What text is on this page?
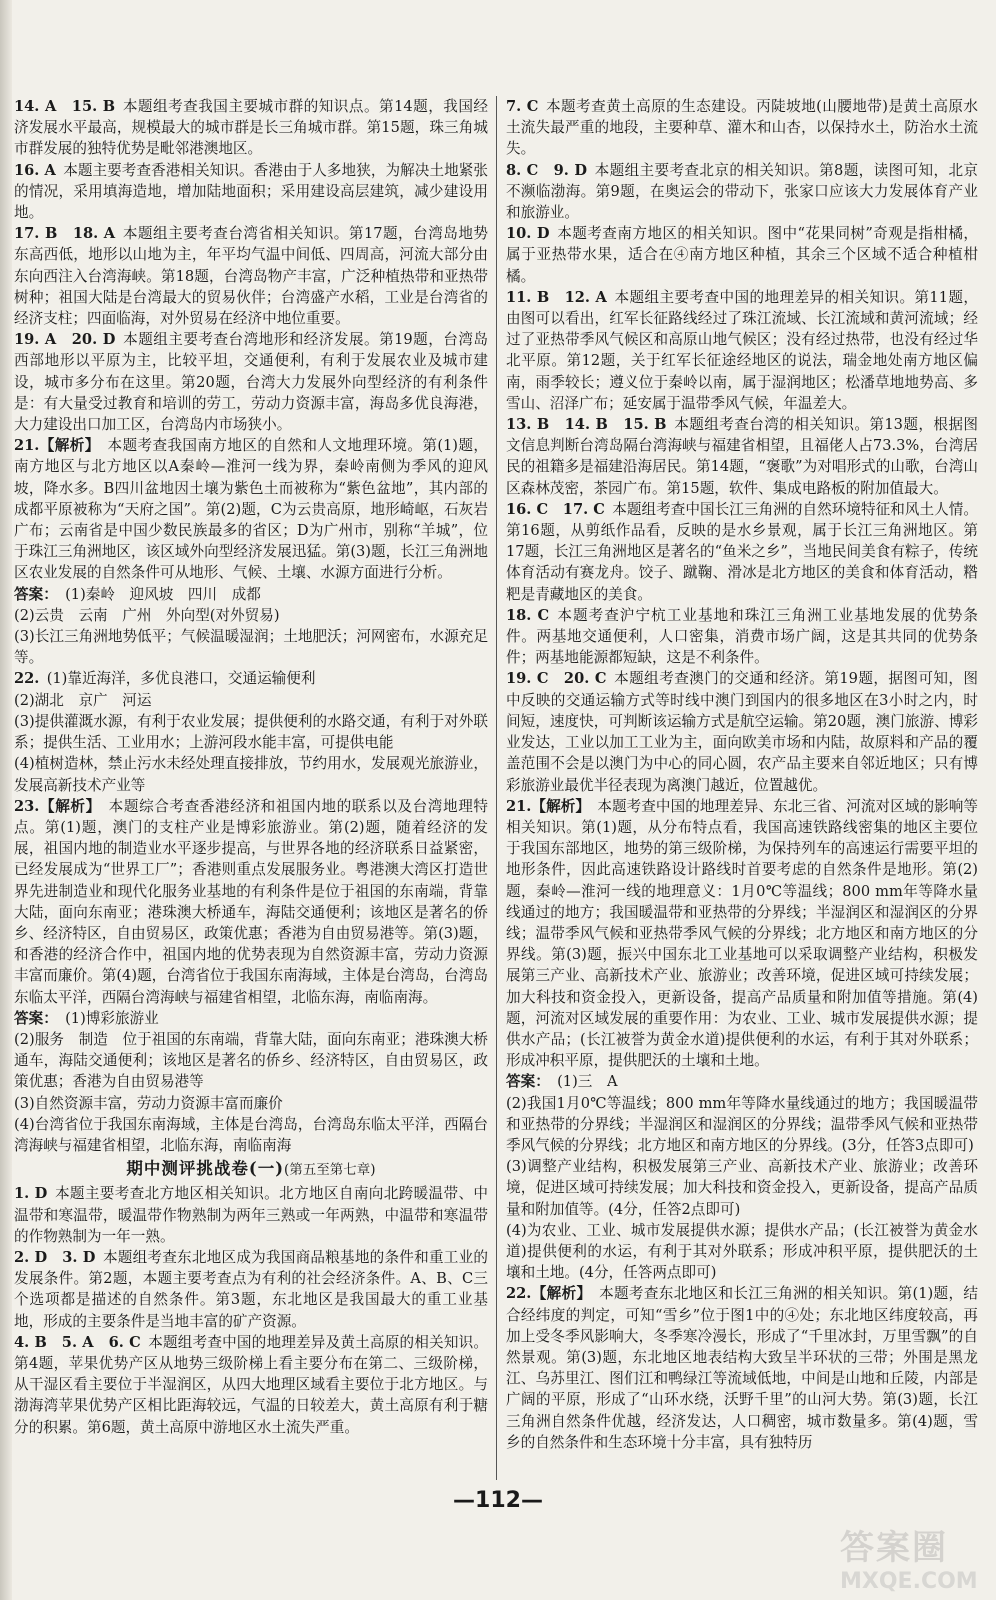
14. A　15. B  本题组考查我国主要城市群的知识点。第14题，我国经济发展水平最高，规模最大的城市群是长三角城市群。第15题，珠三角城市群发展的独特优势是毗邻港澳地区。

16. A  本题主要考查香港相关知识。香港由于人多地狭，为解决土地紧张的情况，采用填海造地，增加陆地面积；采用建设高层建筑，减少建设用地。

17. B　18. A  本题组主要考查台湾省相关知识。第17题，台湾岛地势东高西低，地形以山地为主，年平均气温中间低、四周高，河流大部分由东向西注入台湾海峡。第18题，台湾岛物产丰富，广泛种植热带和亚热带树种；祖国大陆是台湾最大的贸易伙伴；台湾盛产水稻，工业是台湾省的经济支柱；四面临海，对外贸易在经济中地位重要。

19. A　20. D  本题组主要考查台湾地形和经济发展。第19题，台湾岛西部地形以平原为主，比较平坦，交通便利，有利于发展农业及城市建设，城市多分布在这里。第20题，台湾大力发展外向型经济的有利条件是：有大量受过教育和培训的劳工，劳动力资源丰富，海岛多优良海港，大力建设出口加工区，台湾岛内市场狭小。

21.【解析】  本题考查我国南方地区的自然和人文地理环境。第(1)题，南方地区与北方地区以A秦岭—淮河一线为界，秦岭南侧为季风的迎风坡，降水多。B四川盆地因土壤为紫色土而被称为“紫色盆地”，其内部的成都平原被称为“天府之国”。第(2)题，C为云贵高原，地形崎岖，石灰岩广布；云南省是中国少数民族最多的省区；D为广州市，别称“羊城”，位于珠江三角洲地区，该区域外向型经济发展迅猛。第(3)题，长江三角洲地区农业发展的自然条件可从地形、气候、土壤、水源方面进行分析。

答案：  (1)秦岭　迎风坡　四川　成都

(2)云贵　云南　广州　外向型(对外贸易)

(3)长江三角洲地势低平；气候温暖湿润；土地肥沃；河网密布，水源充足等。

22.  (1)靠近海洋，多优良港口，交通运输便利

(2)湖北　京广　河运

(3)提供灌溉水源，有利于农业发展；提供便利的水路交通，有利于对外联系；提供生活、工业用水；上游河段水能丰富，可提供电能

(4)植树造林，禁止污水未经处理直接排放，节约用水，发展观光旅游业，发展高新技术产业等

23.【解析】  本题综合考查香港经济和祖国内地的联系以及台湾地理特点。第(1)题，澳门的支柱产业是博彩旅游业。第(2)题，随着经济的发展，祖国内地的制造业水平逐步提高，与世界各地的经济联系日益紧密，已经发展成为“世界工厂”；香港则重点发展服务业。粤港澳大湾区打造世界先进制造业和现代化服务业基地的有利条件是位于祖国的东南端，背靠大陆，面向东南亚；港珠澳大桥通车，海陆交通便利；该地区是著名的侨乡、经济特区，自由贸易区，政策优惠；香港为自由贸易港等。第(3)题，和香港的经济合作中，祖国内地的优势表现为自然资源丰富，劳动力资源丰富而廉价。第(4)题，台湾省位于我国东南海域，主体是台湾岛，台湾岛东临太平洋，西隔台湾海峡与福建省相望，北临东海，南临南海。

答案：  (1)博彩旅游业

(2)服务　制造　位于祖国的东南端，背靠大陆，面向东南亚；港珠澳大桥通车，海陆交通便利；该地区是著名的侨乡、经济特区，自由贸易区，政策优惠；香港为自由贸易港等

(3)自然资源丰富，劳动力资源丰富而廉价

(4)台湾省位于我国东南海域，主体是台湾岛，台湾岛东临太平洋，西隔台湾海峡与福建省相望，北临东海，南临南海

期中测评挑战卷(一)(第五至第七章)

1. D  本题主要考查北方地区相关知识。北方地区自南向北跨暖温带、中温带和寒温带，暖温带作物熟制为两年三熟或一年两熟，中温带和寒温带的作物熟制为一年一熟。

2. D　3. D  本题组考查东北地区成为我国商品粮基地的条件和重工业的发展条件。第2题，本题主要考查点为有利的社会经济条件。A、B、C三个选项都是描述的自然条件。第3题，东北地区是我国最大的重工业基地，形成的主要条件是当地丰富的矿产资源。

4. B　5. A　6. C  本题组考查中国的地理差异及黄土高原的相关知识。第4题，苹果优势产区从地势三级阶梯上看主要分布在第二、三级阶梯，从干湿区看主要位于半湿润区，从四大地理区域看主要位于北方地区。与渤海湾苹果优势产区相比距海较远，气温的日较差大，黄土高原有利于糖分的积累。第6题，黄土高原中游地区水土流失严重。

7. C  本题考查黄土高原的生态建设。丙陡坡地(山腰地带)是黄土高原水土流失最严重的地段，主要种草、灌木和山杏，以保持水土，防治水土流失。

8. C　9. D  本题组主要考查北京的相关知识。第8题，读图可知，北京不濒临渤海。第9题，在奥运会的带动下，张家口应该大力发展体育产业和旅游业。

10. D  本题考查南方地区的相关知识。图中“花果同树”奇观是指柑橘，属于亚热带水果，适合在④南方地区种植，其余三个区域不适合种植柑橘。

11. B　12. A  本题组主要考查中国的地理差异的相关知识。第11题，由图可以看出，红军长征路线经过了珠江流域、长江流域和黄河流域；经过了亚热带季风气候区和高原山地气候区；没有经过热带，也没有经过华北平原。第12题，关于红军长征途经地区的说法，瑞金地处南方地区偏南，雨季较长；遵义位于秦岭以南，属于湿润地区；松潘草地地势高、多雪山、沼泽广布；延安属于温带季风气候，年温差大。

13. B　14. B　15. B  本题组考查台湾的相关知识。第13题，根据图文信息判断台湾岛隔台湾海峡与福建省相望，且福佬人占73.3%，台湾居民的祖籍多是福建沿海居民。第14题，“褒歌”为对唱形式的山歌，台湾山区森林茂密，茶园广布。第15题，软件、集成电路板的附加值最大。

16. C　17. C  本题组考查中国长江三角洲的自然环境特征和风土人情。第16题，从剪纸作品看，反映的是水乡景观，属于长江三角洲地区。第17题，长江三角洲地区是著名的“鱼米之乡”，当地民间美食有粽子，传统体育活动有赛龙舟。饺子、蹴鞠、滑冰是北方地区的美食和体育活动，糌粑是青藏地区的美食。

18. C  本题考查沪宁杭工业基地和珠江三角洲工业基地发展的优势条件。两基地交通便利，人口密集，消费市场广阔，这是其共同的优势条件；两基地能源都短缺，这是不利条件。

19. C　20. C  本题组考查澳门的交通和经济。第19题，据图可知，图中反映的交通运输方式等时线中澳门到国内的很多地区在3小时之内，时间短，速度快，可判断该运输方式是航空运输。第20题，澳门旅游、博彩业发达，工业以加工工业为主，面向欧美市场和内陆，故原料和产品的覆盖范围不会是以澳门为中心的同心圆，农产品主要来自邻近地区；只有博彩旅游业最优半径表现为离澳门越近，位置越优。

21.【解析】  本题考查中国的地理差异、东北三省、河流对区域的影响等相关知识。第(1)题，从分布特点看，我国高速铁路线密集的地区主要位于我国东部地区，地势的第三级阶梯，为保持列车的高速运行需要平坦的地形条件，因此高速铁路设计路线时首要考虑的自然条件是地形。第(2)题，秦岭—淮河一线的地理意义：1月0℃等温线；800 mm年等降水量线通过的地方；我国暖温带和亚热带的分界线；半湿润区和湿润区的分界线；温带季风气候和亚热带季风气候的分界线；北方地区和南方地区的分界线。第(3)题，振兴中国东北工业基地可以采取调整产业结构，积极发展第三产业、高新技术产业、旅游业；改善环境，促进区域可持续发展；加大科技和资金投入，更新设备，提高产品质量和附加值等措施。第(4)题，河流对区域发展的重要作用：为农业、工业、城市发展提供水源；提供水产品；(长江被誉为黄金水道)提供便利的水运，有利于其对外联系；形成冲积平原，提供肥沃的土壤和土地。

答案：  (1)三　A

(2)我国1月0℃等温线；800 mm年等降水量线通过的地方；我国暖温带和亚热带的分界线；半湿润区和湿润区的分界线；温带季风气候和亚热带季风气候的分界线；北方地区和南方地区的分界线。(3分，任答3点即可)

(3)调整产业结构，积极发展第三产业、高新技术产业、旅游业；改善环境，促进区域可持续发展；加大科技和资金投入，更新设备，提高产品质量和附加值等。(4分，任答2点即可)

(4)为农业、工业、城市发展提供水源；提供水产品；(长江被誉为黄金水道)提供便利的水运，有利于其对外联系；形成冲积平原，提供肥沃的土壤和土地。(4分，任答两点即可)

22.【解析】  本题考查东北地区和长江三角洲的相关知识。第(1)题，结合经纬度的判定，可知“雪乡”位于图1中的④处；东北地区纬度较高，再加上受冬季风影响大，冬季寒冷漫长，形成了“千里冰封，万里雪飘”的自然景观。第(3)题，东北地区地表结构大致呈半环状的三带；外围是黑龙江、乌苏里江、图们江和鸭绿江等流域低地，中间是山地和丘陵，内部是广阔的平原，形成了“山环水绕，沃野千里”的山河大势。第(3)题，长江三角洲自然条件优越，经济发达，人口稠密，城市数量多。第(4)题，雪乡的自然条件和生态环境十分丰富，具有独特历

—112—
答案圈
MXQE.COM
